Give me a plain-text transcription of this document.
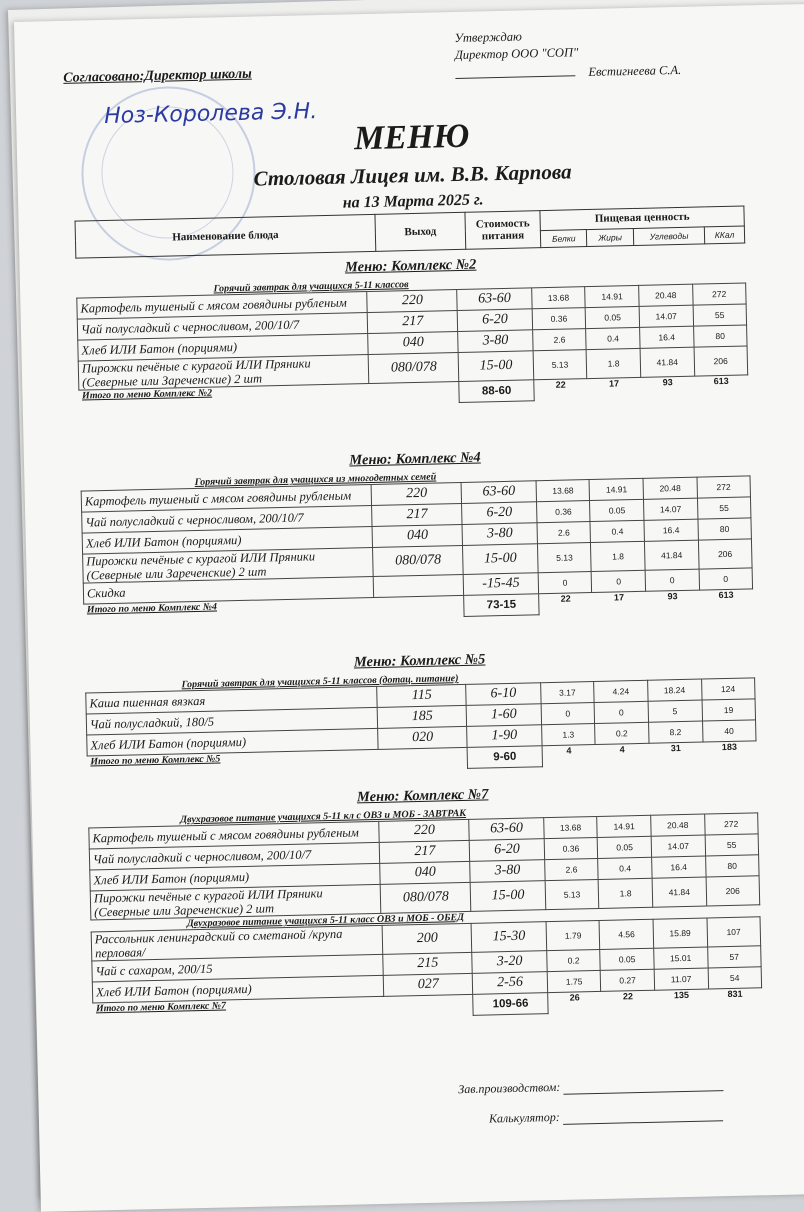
Согласовано:Директор школы
Ноз-Королева Э.Н.
Утверждаю
Директор ООО "СОП"
Евстигнеева С.А.
МЕНЮ
Столовая Лицея им. В.В. Карпова
на 13 Марта 2025 г.
Наименование блюда	Выход	Стоимость питания	Пищевая ценность			
			Белки	Жиры	Углеводы	ККал
Меню: Комплекс №2
Горячий завтрак для учащихся 5-11 классов
Картофель тушеный с мясом говядины рубленым	220	63-60	13.68	14.91	20.48	272
Чай полусладкий с черносливом, 200/10/7	217	6-20	0.36	0.05	14.07	55
Хлеб ИЛИ Батон (порциями)	040	3-80	2.6	0.4	16.4	80
Пирожки печёные с курагой ИЛИ Пряники (Северные или Зареченские) 2 шт	080/078	15-00	5.13	1.8	41.84	206
Итого по меню Комплекс №2		88-60	22	17	93	613
Меню: Комплекс №4
Горячий завтрак для учащихся из многодетных семей
Картофель тушеный с мясом говядины рубленым	220	63-60	13.68	14.91	20.48	272
Чай полусладкий с черносливом, 200/10/7	217	6-20	0.36	0.05	14.07	55
Хлеб ИЛИ Батон (порциями)	040	3-80	2.6	0.4	16.4	80
Пирожки печёные с курагой ИЛИ Пряники (Северные или Зареченские) 2 шт	080/078	15-00	5.13	1.8	41.84	206
Скидка		-15-45	0	0	0	0
Итого по меню Комплекс №4		73-15	22	17	93	613
Меню: Комплекс №5
Горячий завтрак для учащихся 5-11 классов (дотац. питание)
Каша пшенная вязкая	115	6-10	3.17	4.24	18.24	124
Чай полусладкий, 180/5	185	1-60	0	0	5	19
Хлеб ИЛИ Батон (порциями)	020	1-90	1.3	0.2	8.2	40
Итого по меню Комплекс №5		9-60	4	4	31	183
Меню: Комплекс №7
Двухразовое питание учащихся 5-11 кл с ОВЗ и МОБ - ЗАВТРАК
Картофель тушеный с мясом говядины рубленым	220	63-60	13.68	14.91	20.48	272
Чай полусладкий с черносливом, 200/10/7	217	6-20	0.36	0.05	14.07	55
Хлеб ИЛИ Батон (порциями)	040	3-80	2.6	0.4	16.4	80
Пирожки печёные с курагой ИЛИ Пряники (Северные или Зареченские) 2 шт	080/078	15-00	5.13	1.8	41.84	206
Двухразовое питание учащихся 5-11 класс ОВЗ и МОБ - ОБЕД
Рассольник ленинградский со сметаной /крупа перловая/	200	15-30	1.79	4.56	15.89	107
Чай с сахаром, 200/15	215	3-20	0.2	0.05	15.01	57
Хлеб ИЛИ Батон (порциями)	027	2-56	1.75	0.27	11.07	54
Итого по меню Комплекс №7		109-66	26	22	135	831
Зав.производством:
Калькулятор:
